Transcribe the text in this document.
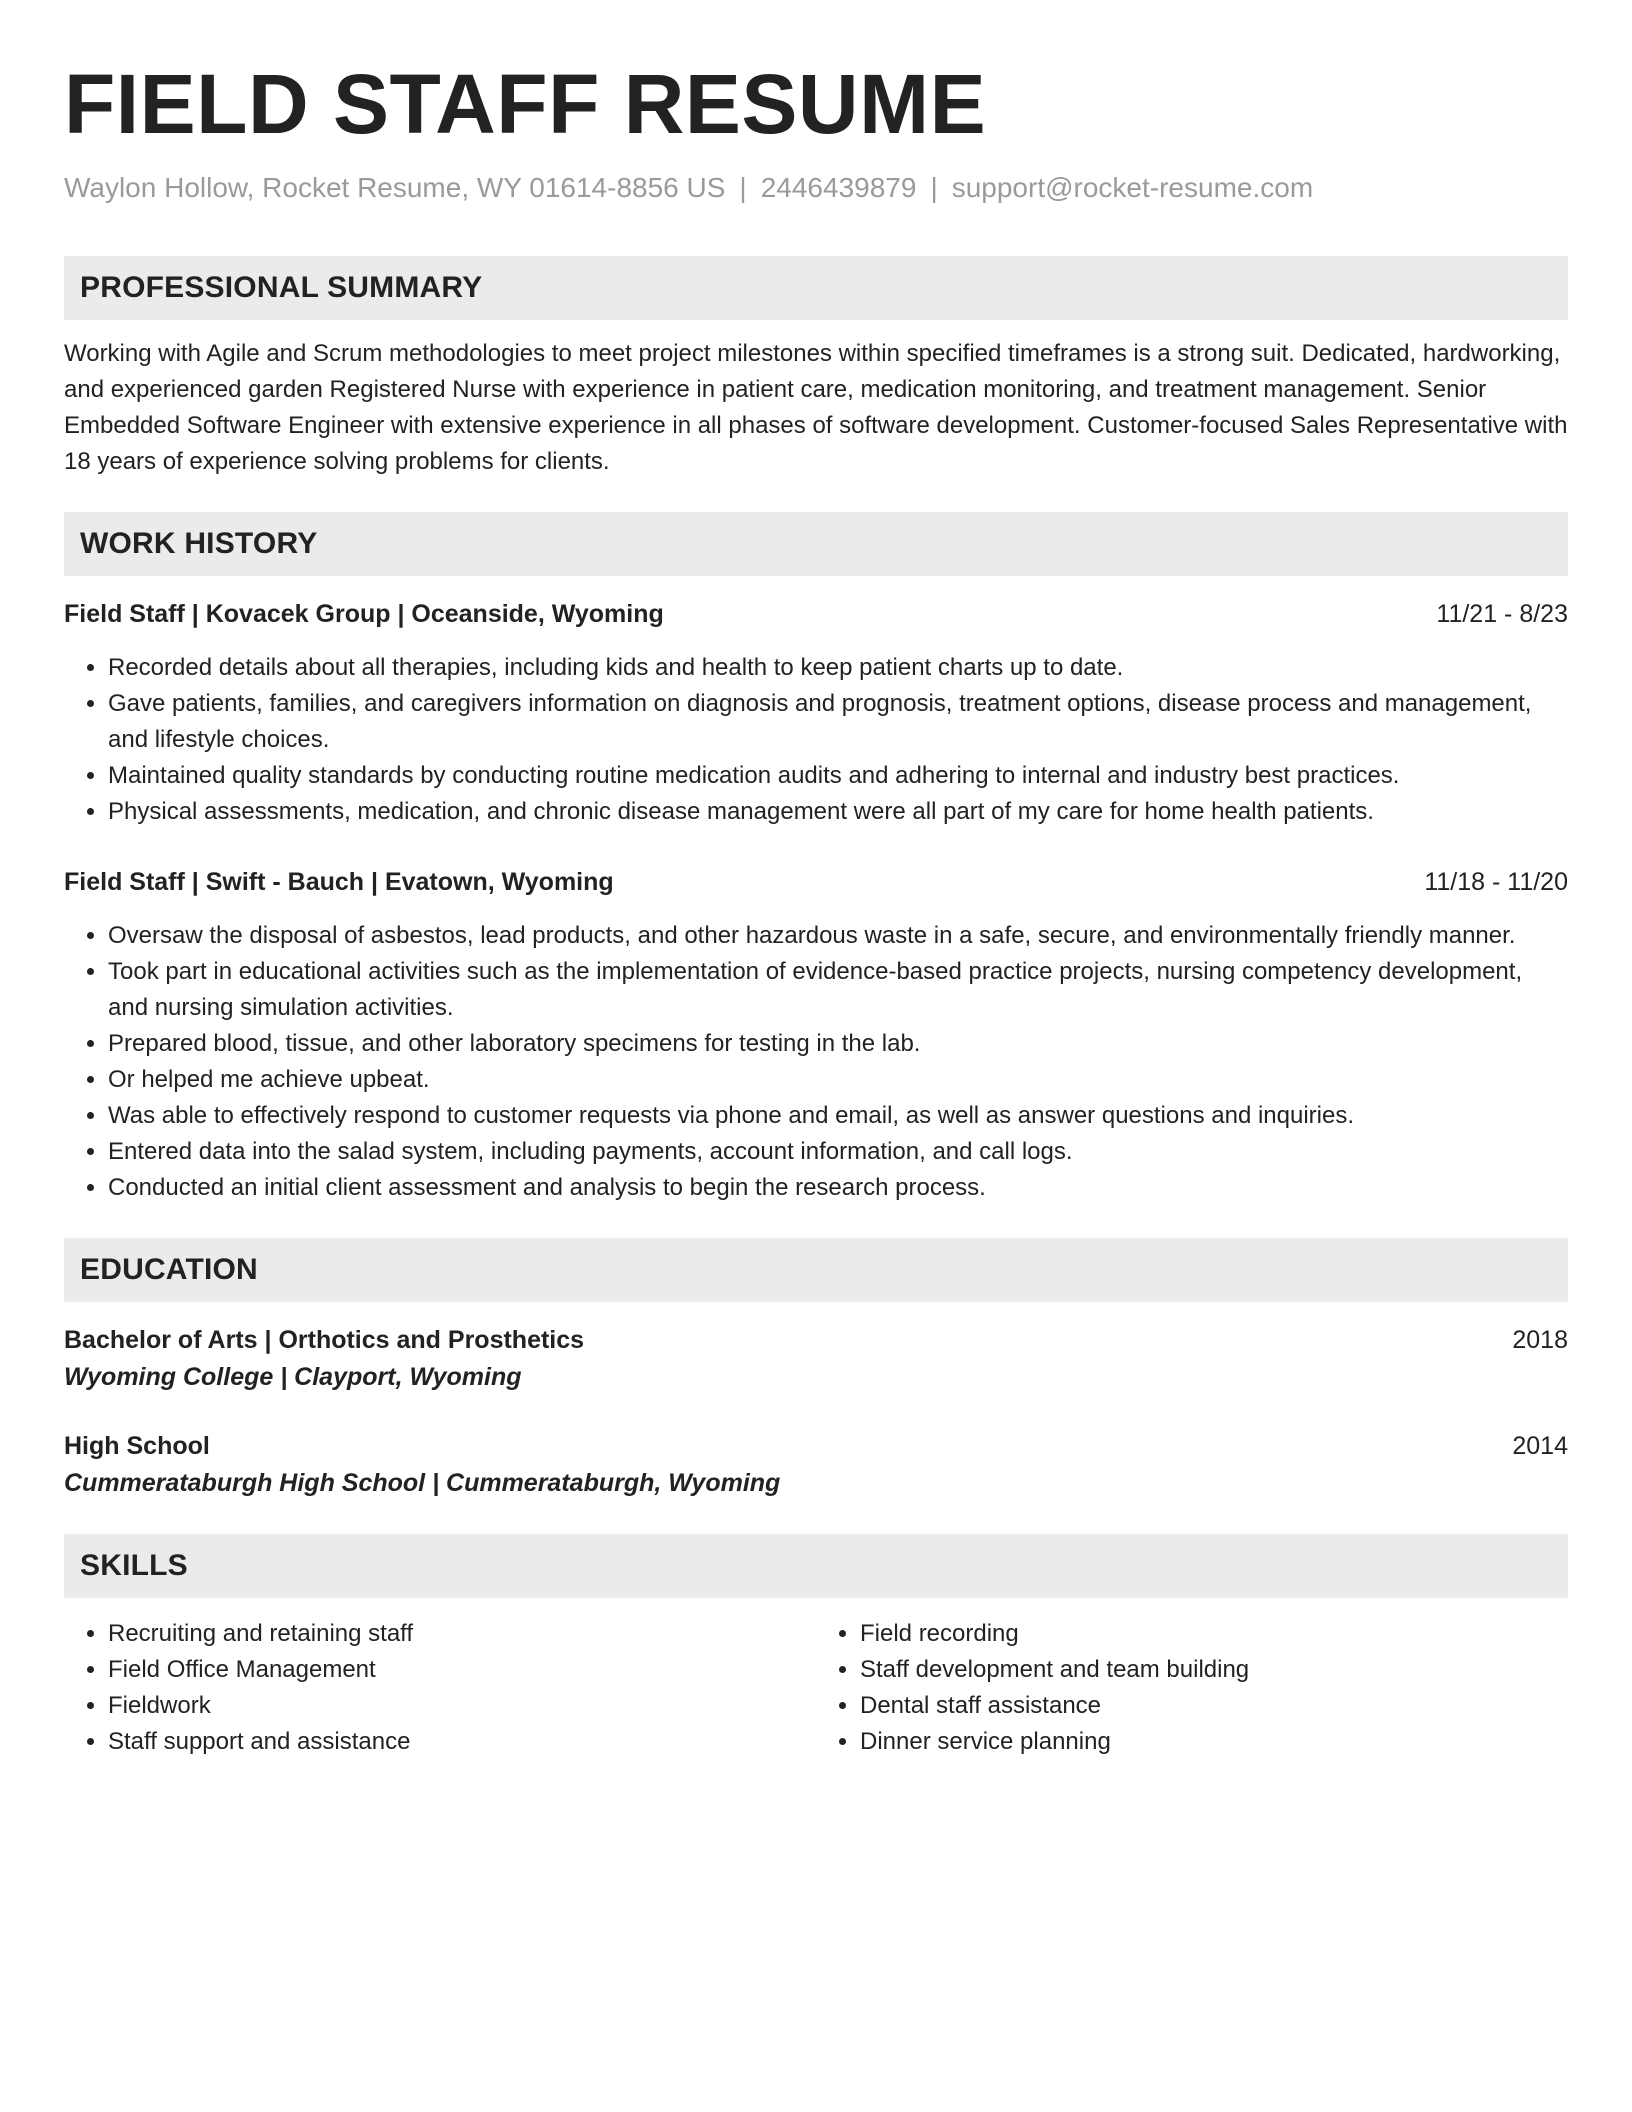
FIELD STAFF RESUME
Waylon Hollow, Rocket Resume, WY 01614-8856 US | 2446439879 | support@rocket-resume.com
PROFESSIONAL SUMMARY
Working with Agile and Scrum methodologies to meet project milestones within specified timeframes is a strong suit. Dedicated, hardworking, and experienced garden Registered Nurse with experience in patient care, medication monitoring, and treatment management. Senior Embedded Software Engineer with extensive experience in all phases of software development. Customer-focused Sales Representative with 18 years of experience solving problems for clients.
WORK HISTORY
Field Staff | Kovacek Group | Oceanside, Wyoming	11/21 - 8/23
• Recorded details about all therapies, including kids and health to keep patient charts up to date.
• Gave patients, families, and caregivers information on diagnosis and prognosis, treatment options, disease process and management, and lifestyle choices.
• Maintained quality standards by conducting routine medication audits and adhering to internal and industry best practices.
• Physical assessments, medication, and chronic disease management were all part of my care for home health patients.
Field Staff | Swift - Bauch | Evatown, Wyoming	11/18 - 11/20
• Oversaw the disposal of asbestos, lead products, and other hazardous waste in a safe, secure, and environmentally friendly manner.
• Took part in educational activities such as the implementation of evidence-based practice projects, nursing competency development, and nursing simulation activities.
• Prepared blood, tissue, and other laboratory specimens for testing in the lab.
• Or helped me achieve upbeat.
• Was able to effectively respond to customer requests via phone and email, as well as answer questions and inquiries.
• Entered data into the salad system, including payments, account information, and call logs.
• Conducted an initial client assessment and analysis to begin the research process.
EDUCATION
Bachelor of Arts | Orthotics and Prosthetics	2018
Wyoming College | Clayport, Wyoming
High School	2014
Cummerataburgh High School | Cummerataburgh, Wyoming
SKILLS
• Recruiting and retaining staff
• Field Office Management
• Fieldwork
• Staff support and assistance
• Field recording
• Staff development and team building
• Dental staff assistance
• Dinner service planning
